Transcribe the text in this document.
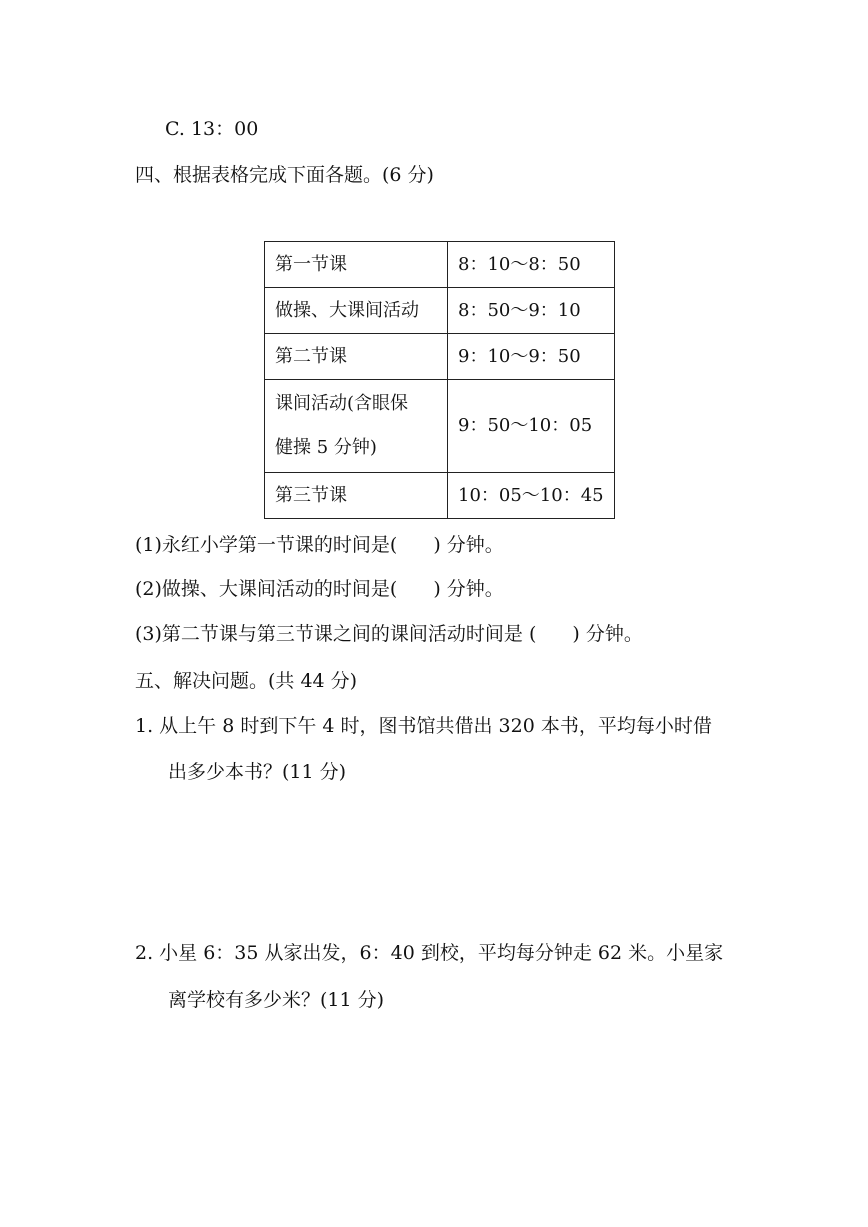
C. 13：00
四、根据表格完成下面各题。(6 分)
第一节课	8：10～8：50
做操、大课间活动	8：50～9：10
第二节课	9：10～9：50

课间活动(含眼保
健操 5 分钟)	9：50～10：05
第三节课	10：05～10：45
(1)永红小学第一节课的时间是( ) 分钟。
(2)做操、大课间活动的时间是( ) 分钟。
(3)第二节课与第三节课之间的课间活动时间是 ( ) 分钟。
五、解决问题。(共 44 分)
1. 从上午 8 时到下午 4 时，图书馆共借出 320 本书，平均每小时借
出多少本书？(11 分)
2. 小星 6：35 从家出发，6：40 到校，平均每分钟走 62 米。小星家
离学校有多少米？(11 分)
